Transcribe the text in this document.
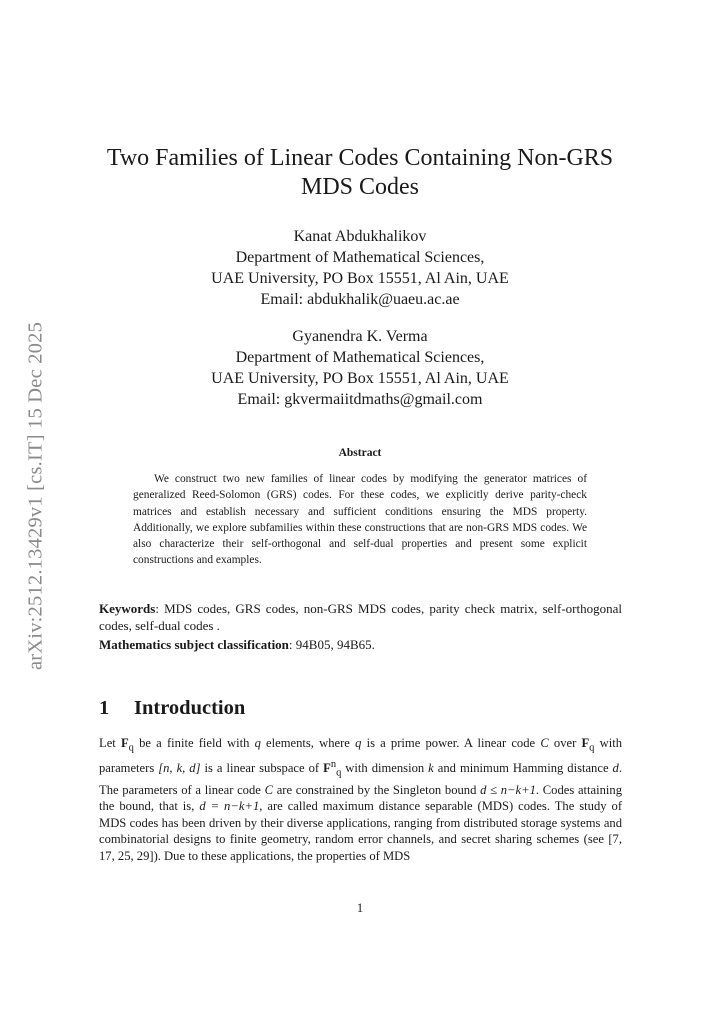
arXiv:2512.13429v1 [cs.IT] 15 Dec 2025
Two Families of Linear Codes Containing Non-GRS
MDS Codes
Kanat Abdukhalikov
Department of Mathematical Sciences,
UAE University, PO Box 15551, Al Ain, UAE
Email: abdukhalik@uaeu.ac.ae
Gyanendra K. Verma
Department of Mathematical Sciences,
UAE University, PO Box 15551, Al Ain, UAE
Email: gkvermaiitdmaths@gmail.com
Abstract

We construct two new families of linear codes by modifying the generator matrices of generalized Reed-Solomon (GRS) codes. For these codes, we explicitly derive parity-check matrices and establish necessary and sufficient conditions ensuring the MDS property. Additionally, we explore subfamilies within these constructions that are non-GRS MDS codes. We also characterize their self-orthogonal and self-dual properties and present some explicit constructions and examples.

Keywords: MDS codes, GRS codes, non-GRS MDS codes, parity check matrix, self-orthogonal codes, self-dual codes .

Mathematics subject classification: 94B05, 94B65.

1 Introduction

Let $F_q$ be a finite field with q elements, where q is a prime power. A linear code C over $F_q$ with parameters [n, k, d] is a linear subspace of $F^n_q$ with dimension k and minimum Hamming distance d. The parameters of a linear code C are constrained by the Singleton bound d ≤ n−k+1. Codes attaining the bound, that is, d = n−k+1, are called maximum distance separable (MDS) codes. The study of MDS codes has been driven by their diverse applications, ranging from distributed storage systems and combinatorial designs to finite geometry, random error channels, and secret sharing schemes (see [7, 17, 25, 29]). Due to these applications, the properties of MDS

1
